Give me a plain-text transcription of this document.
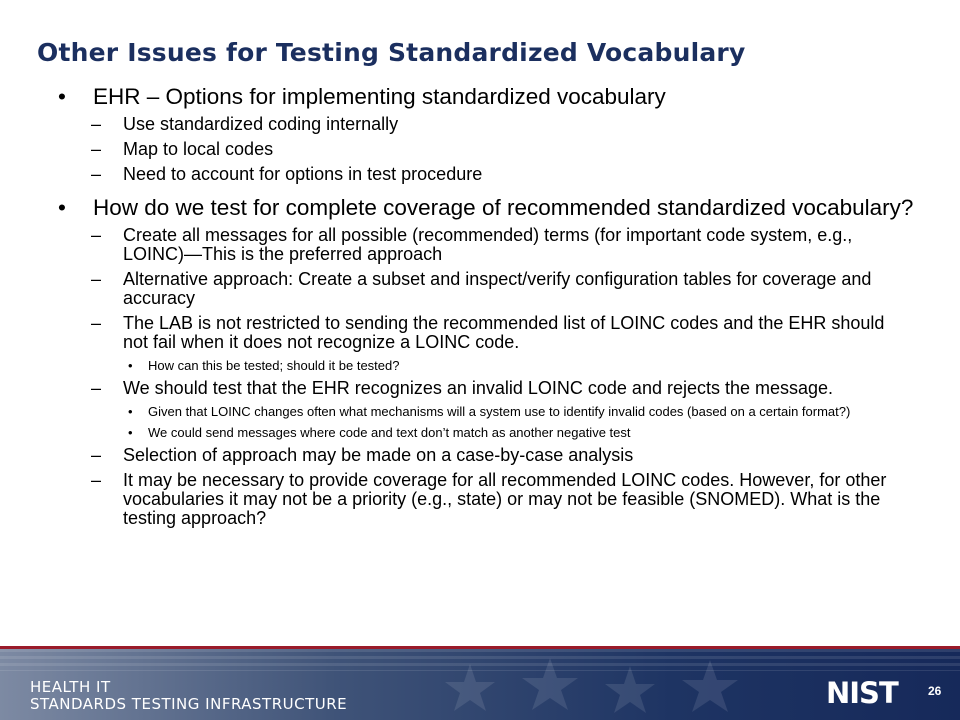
Other Issues for Testing Standardized Vocabulary
• EHR – Options for implementing standardized vocabulary
– Use standardized coding internally
– Map to local codes
– Need to account for options in test procedure
• How do we test for complete coverage of recommended standardized vocabulary?
– Create all messages for all possible (recommended) terms (for important code system, e.g., LOINC)—This is the preferred approach
– Alternative approach: Create a subset and inspect/verify configuration tables for coverage and accuracy
– The LAB is not restricted to sending the recommended list of LOINC codes and the EHR should not fail when it does not recognize a LOINC code.
• How can this be tested; should it be tested?
– We should test that the EHR recognizes an invalid LOINC code and rejects the message.
• Given that LOINC changes often what mechanisms will a system use to identify invalid codes (based on a certain format?)
• We could send messages where code and text don’t match as another negative test
– Selection of approach may be made on a case-by-case analysis
– It may be necessary to provide coverage for all recommended LOINC codes. However, for other vocabularies it may not be a priority (e.g., state) or may not be feasible (SNOMED). What is the testing approach?
HEALTH IT
STANDARDS TESTING INFRASTRUCTURE	NIST	26
